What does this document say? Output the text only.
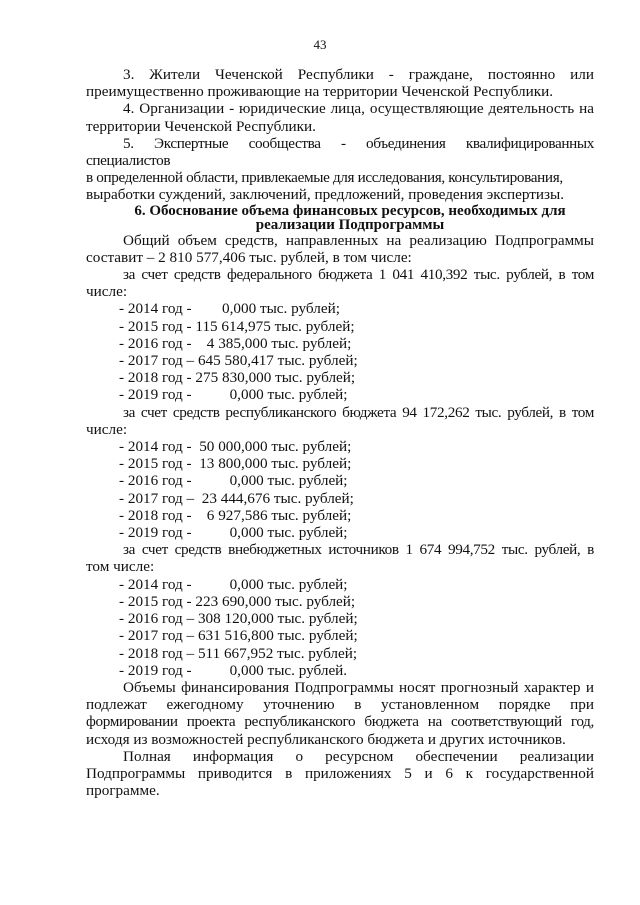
43

3. Жители Чеченской Республики - граждане, постоянно или

преимущественно проживающие на территории Чеченской Республики.

4. Организации - юридические лица, осуществляющие деятельность на

территории Чеченской Республики.

5. Экспертные сообщества - объединения квалифицированных специалистов

в определенной области, привлекаемые для исследования, консультирования,

выработки суждений, заключений, предложений, проведения экспертизы.

6. Обоснование объема финансовых ресурсов, необходимых для

реализации Подпрограммы

Общий объем средств, направленных на реализацию Подпрограммы

составит – 2 810 577,406 тыс. рублей, в том числе:

за счет средств федерального бюджета 1 041 410,392 тыс. рублей, в том

числе:

- 2014 год -        0,000 тыс. рублей;

- 2015 год - 115 614,975 тыс. рублей;

- 2016 год -    4 385,000 тыс. рублей;

- 2017 год – 645 580,417 тыс. рублей;

- 2018 год - 275 830,000 тыс. рублей;

- 2019 год -          0,000 тыс. рублей;

за счет средств республиканского бюджета 94 172,262 тыс. рублей, в том

числе:

- 2014 год -  50 000,000 тыс. рублей;

- 2015 год -  13 800,000 тыс. рублей;

- 2016 год -          0,000 тыс. рублей;

- 2017 год –  23 444,676 тыс. рублей;

- 2018 год -    6 927,586 тыс. рублей;

- 2019 год -          0,000 тыс. рублей;

за счет средств внебюджетных источников 1 674 994,752 тыс. рублей, в

том числе:

- 2014 год -          0,000 тыс. рублей;

- 2015 год - 223 690,000 тыс. рублей;

- 2016 год – 308 120,000 тыс. рублей;

- 2017 год – 631 516,800 тыс. рублей;

- 2018 год – 511 667,952 тыс. рублей;

- 2019 год -          0,000 тыс. рублей.

Объемы финансирования Подпрограммы носят прогнозный характер и

подлежат ежегодному уточнению в установленном порядке при

формировании проекта республиканского бюджета на соответствующий год,

исходя из возможностей республиканского бюджета и других источников.

Полная информация о ресурсном обеспечении реализации

Подпрограммы приводится в приложениях 5 и 6 к государственной

программе.
